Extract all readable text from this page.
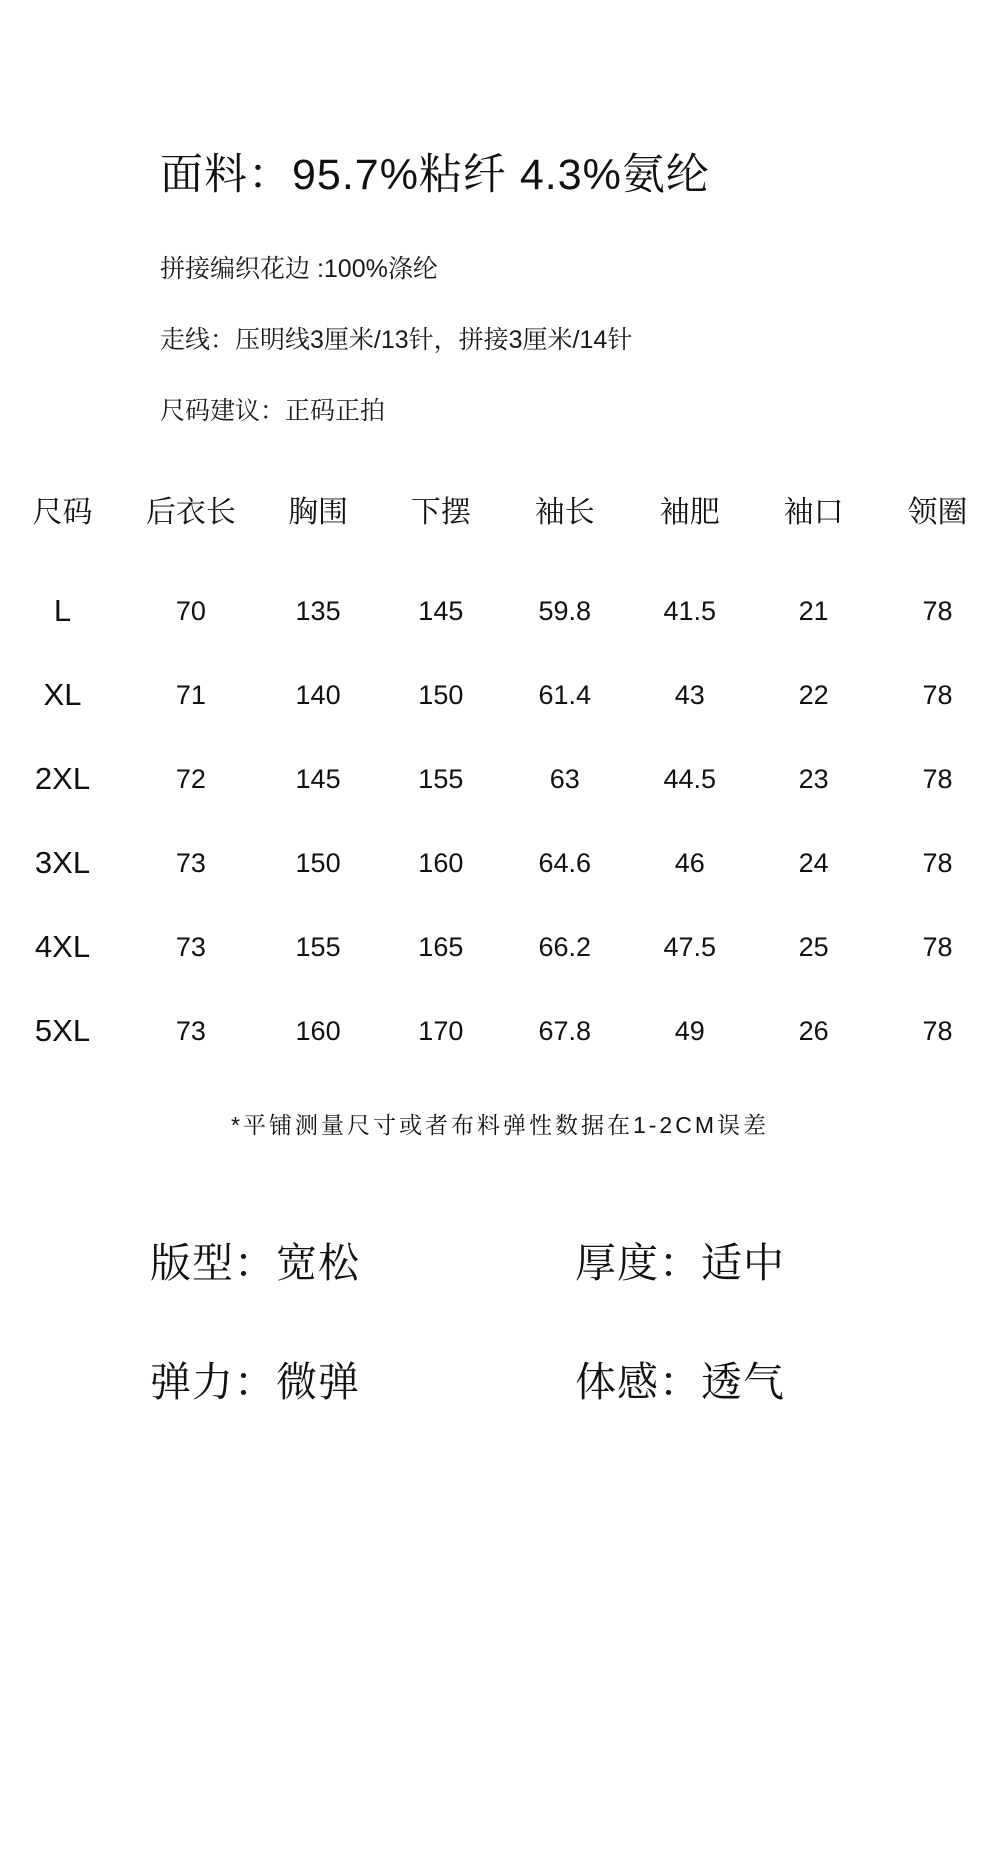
面料：95.7%粘纤 4.3%氨纶
拼接编织花边 :100%涤纶
走线：压明线3厘米/13针，拼接3厘米/14针
尺码建议：正码正拍
尺码	后衣长	胸围	下摆	袖长	袖肥	袖口	领圈
L	70	135	145	59.8	41.5	21	78
XL	71	140	150	61.4	43	22	78
2XL	72	145	155	63	44.5	23	78
3XL	73	150	160	64.6	46	24	78
4XL	73	155	165	66.2	47.5	25	78
5XL	73	160	170	67.8	49	26	78
*平铺测量尺寸或者布料弹性数据在1-2CM误差
版型：宽松	厚度：适中
弹力：微弹	体感：透气
